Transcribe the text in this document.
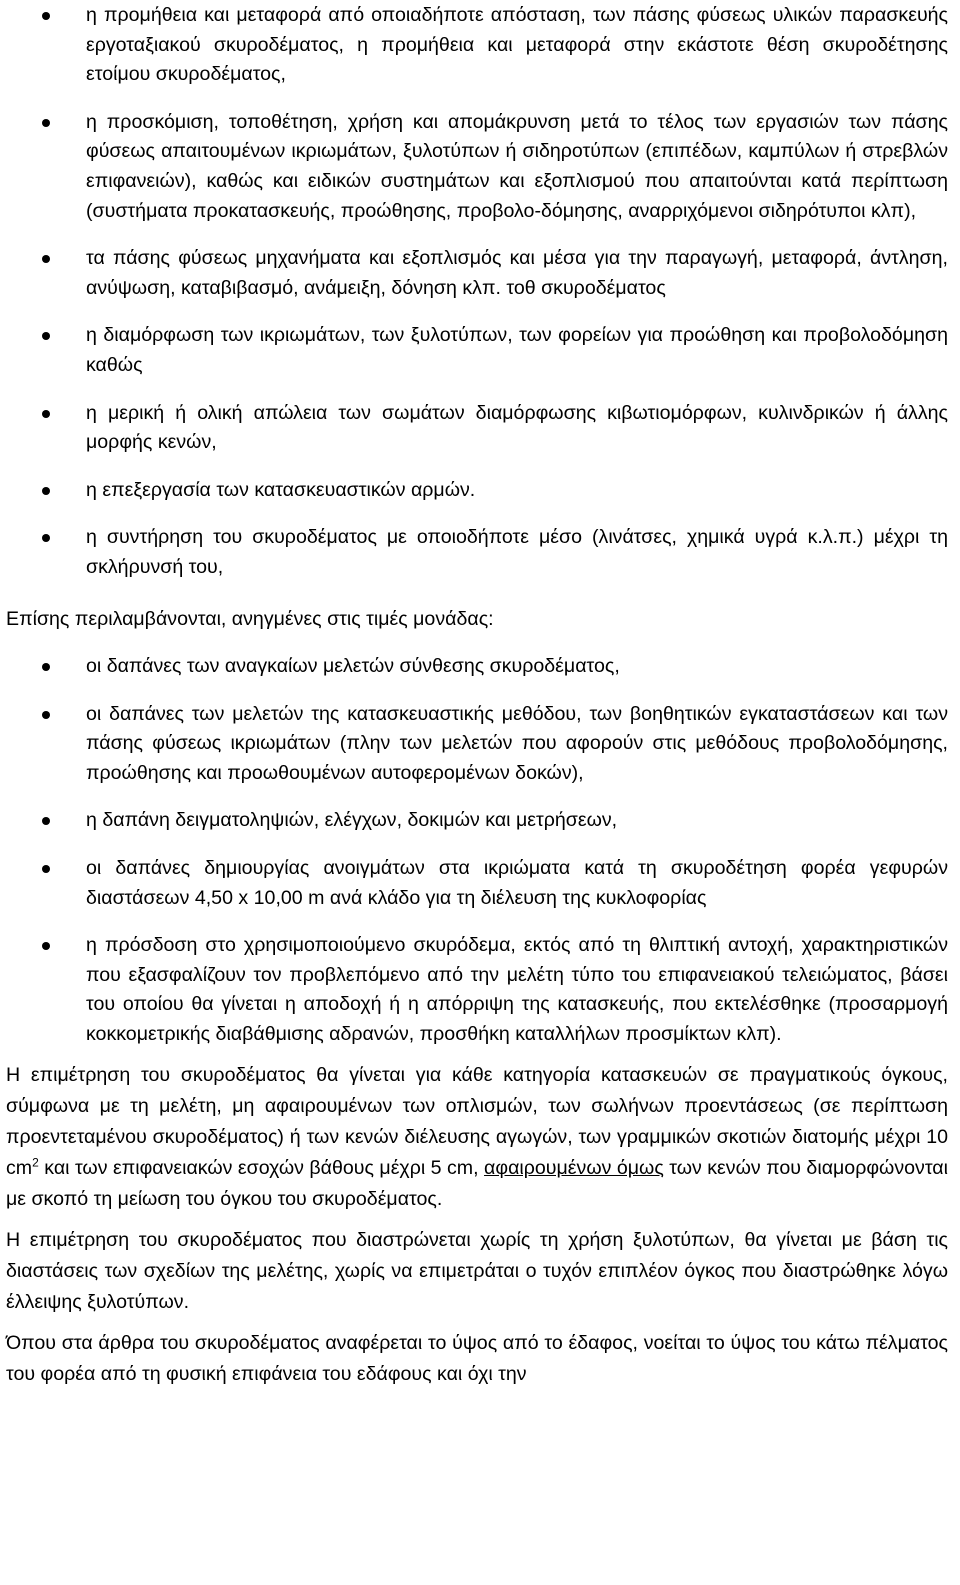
η προμήθεια και μεταφορά από οποιαδήποτε απόσταση, των πάσης φύσεως υλικών παρασκευής εργοταξιακού σκυροδέματος, η προμήθεια και μεταφορά στην εκάστοτε θέση σκυροδέτησης ετοίμου σκυροδέματος,
η προσκόμιση, τοποθέτηση, χρήση και απομάκρυνση μετά το τέλος των εργασιών των πάσης φύσεως απαιτουμένων ικριωμάτων, ξυλοτύπων ή σιδηροτύπων (επιπέδων, καμπύλων ή στρεβλών επιφανειών), καθώς και ειδικών συστημάτων και εξοπλισμού που απαιτούνται κατά περίπτωση (συστήματα προκατασκευής, προώθησης, προβολο-δόμησης, αναρριχόμενοι σιδηρότυποι κλπ),
τα πάσης φύσεως μηχανήματα και εξοπλισμός και μέσα για την παραγωγή, μεταφορά, άντληση, ανύψωση, καταβιβασμό, ανάμειξη, δόνηση κλπ. τοθ σκυροδέματος
η διαμόρφωση των ικριωμάτων, των ξυλοτύπων, των φορείων για προώθηση και προβολοδόμηση καθώς
η μερική ή ολική απώλεια των σωμάτων διαμόρφωσης κιβωτιομόρφων, κυλινδρικών ή άλλης μορφής κενών,
η επεξεργασία των κατασκευαστικών αρμών.
η συντήρηση του σκυροδέματος με οποιοδήποτε μέσο (λινάτσες, χημικά υγρά κ.λ.π.) μέχρι τη σκλήρυνσή του,

Επίσης περιλαμβάνονται, ανηγμένες στις τιμές μονάδας:

οι δαπάνες των αναγκαίων μελετών σύνθεσης σκυροδέματος,
οι δαπάνες των μελετών της κατασκευαστικής μεθόδου, των βοηθητικών εγκαταστάσεων και των πάσης φύσεως ικριωμάτων (πλην των μελετών που αφορούν στις μεθόδους προβολοδόμησης, προώθησης και προωθουμένων αυτοφερομένων δοκών),
η δαπάνη δειγματοληψιών, ελέγχων, δοκιμών και μετρήσεων,
οι δαπάνες δημιουργίας ανοιγμάτων στα ικριώματα κατά τη σκυροδέτηση φορέα γεφυρών διαστάσεων 4,50 x 10,00 m ανά κλάδο για τη διέλευση της κυκλοφορίας
η πρόσδοση στο χρησιμοποιούμενο σκυρόδεμα, εκτός από τη θλιπτική αντοχή, χαρακτηριστικών που εξασφαλίζουν τον προβλεπόμενο από την μελέτη τύπο του επιφανειακού τελειώματος, βάσει του οποίου θα γίνεται η αποδοχή ή η απόρριψη της κατασκευής, που εκτελέσθηκε (προσαρμογή κοκκομετρικής διαβάθμισης αδρανών, προσθήκη καταλλήλων προσμίκτων κλπ).

Η επιμέτρηση του σκυροδέματος θα γίνεται για κάθε κατηγορία κατασκευών σε πραγματικούς όγκους, σύμφωνα με τη μελέτη, μη αφαιρουμένων των οπλισμών, των σωλήνων προεντάσεως (σε περίπτωση προεντεταμένου σκυροδέματος) ή των κενών διέλευσης αγωγών, των γραμμικών σκοτιών διατομής μέχρι 10 $cm^2$ και των επιφανειακών εσοχών βάθους μέχρι 5 cm, αφαιρουμένων όμως των κενών που διαμορφώνονται με σκοπό τη μείωση του όγκου του σκυροδέματος.

Η επιμέτρηση του σκυροδέματος που διαστρώνεται χωρίς τη χρήση ξυλοτύπων, θα γίνεται με βάση τις διαστάσεις των σχεδίων της μελέτης, χωρίς να επιμετράται ο τυχόν επιπλέον όγκος που διαστρώθηκε λόγω έλλειψης ξυλοτύπων.

Όπου στα άρθρα του σκυροδέματος αναφέρεται το ύψος από το έδαφος, νοείται το ύψος του κάτω πέλματος του φορέα από τη φυσική επιφάνεια του εδάφους και όχι την
